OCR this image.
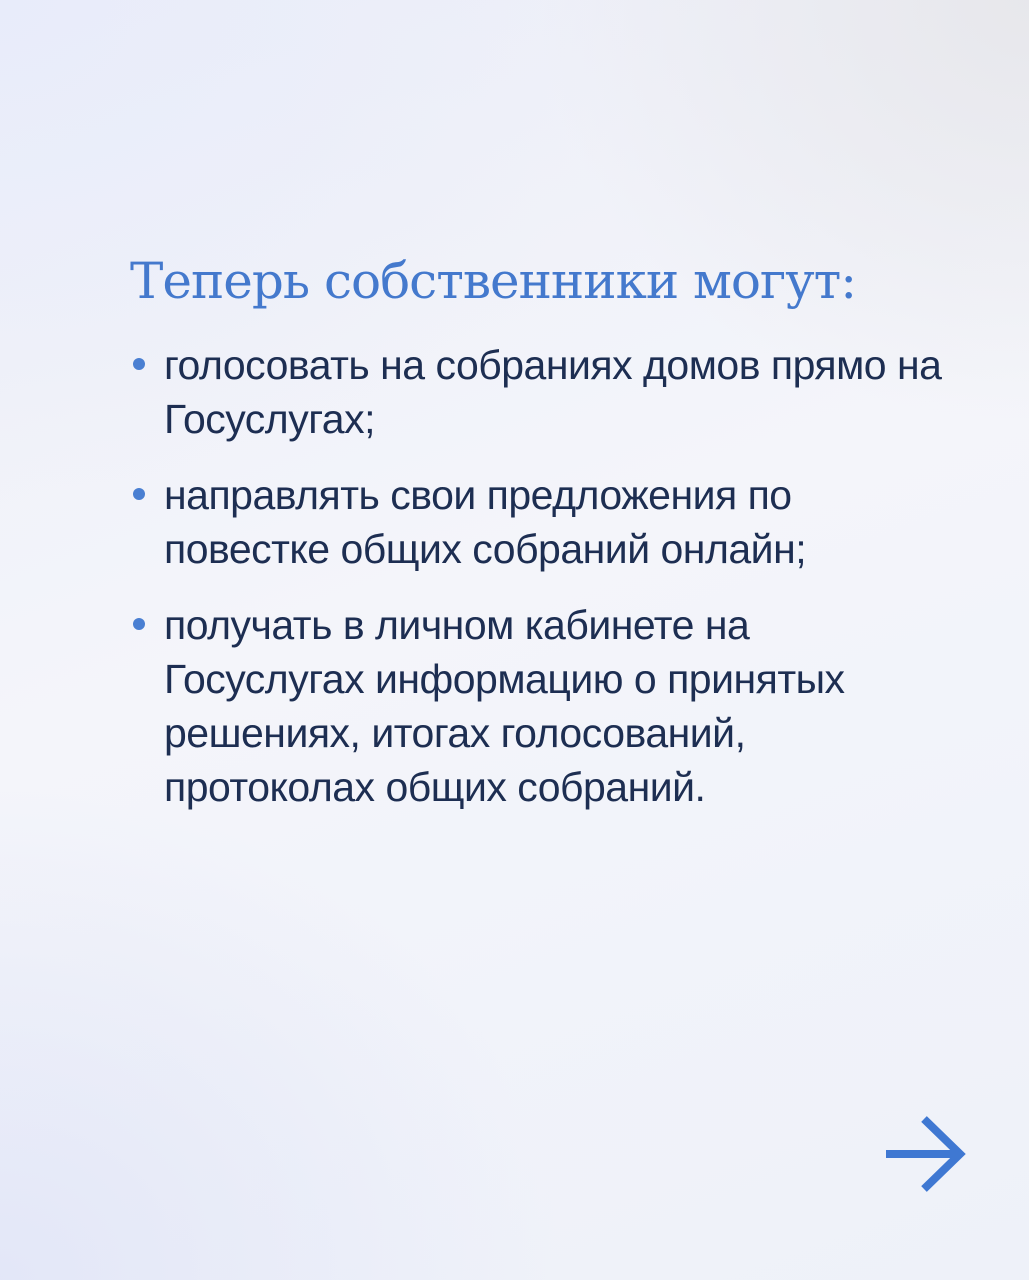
Теперь собственники могут:
голосовать на собраниях домов прямо на Госуслугах;
направлять свои предложения по повестке общих собраний онлайн;
получать в личном кабинете на Госуслугах информацию о принятых решениях, итогах голосований, протоколах общих собраний.
